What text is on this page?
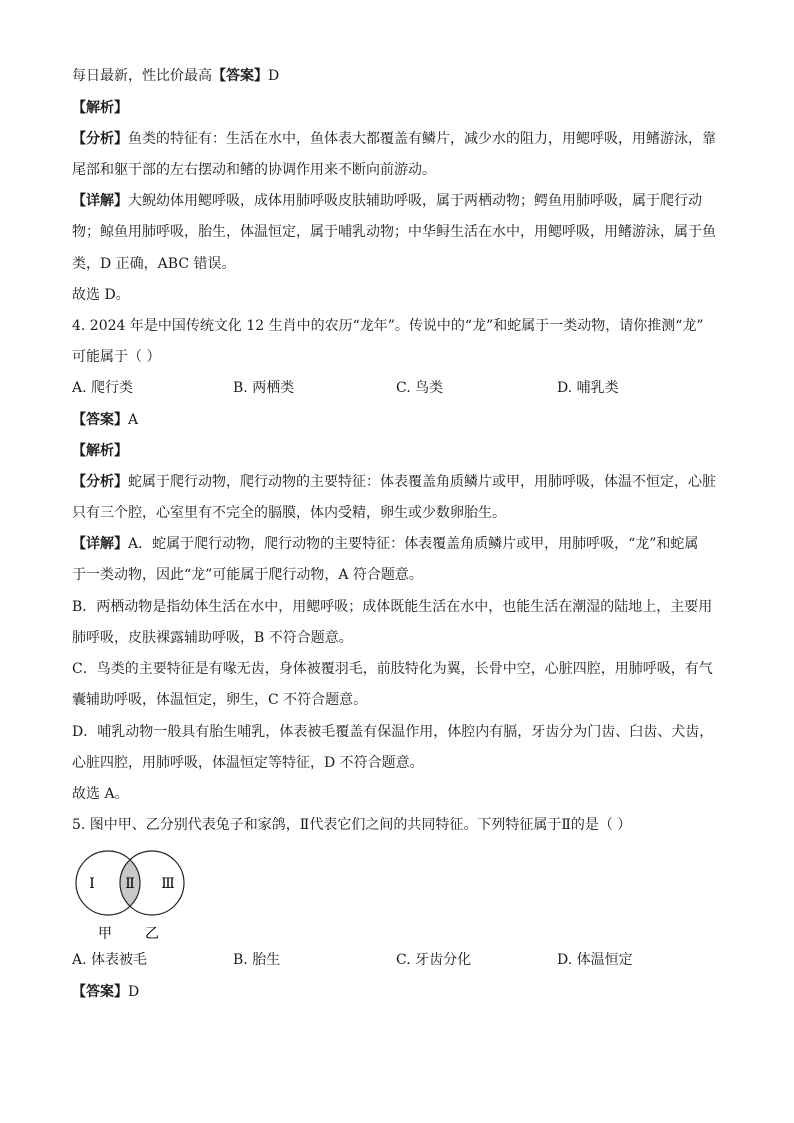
每日最新，性比价最高【答案】D
【解析】
【分析】鱼类的特征有：生活在水中，鱼体表大都覆盖有鳞片，减少水的阻力，用鳃呼吸，用鳍游泳，靠
尾部和躯干部的左右摆动和鳍的协调作用来不断向前游动。
【详解】大鲵幼体用鳃呼吸，成体用肺呼吸皮肤辅助呼吸，属于两栖动物；鳄鱼用肺呼吸，属于爬行动
物；鲸鱼用肺呼吸，胎生，体温恒定，属于哺乳动物；中华鲟生活在水中，用鳃呼吸，用鳍游泳，属于鱼
类，D 正确，ABC 错误。
故选 D。
4. 2024 年是中国传统文化 12 生肖中的农历“龙年”。传说中的“龙”和蛇属于一类动物，请你推测“龙”
可能属于（ ）
A. 爬行类	B. 两栖类	C. 鸟类	D. 哺乳类
【答案】A
【解析】
【分析】蛇属于爬行动物，爬行动物的主要特征：体表覆盖角质鳞片或甲，用肺呼吸，体温不恒定，心脏
只有三个腔，心室里有不完全的膈膜，体内受精，卵生或少数卵胎生。
【详解】A．蛇属于爬行动物，爬行动物的主要特征：体表覆盖角质鳞片或甲，用肺呼吸，“龙”和蛇属
于一类动物，因此“龙”可能属于爬行动物，A 符合题意。
B．两栖动物是指幼体生活在水中，用鳃呼吸；成体既能生活在水中，也能生活在潮湿的陆地上，主要用
肺呼吸，皮肤裸露辅助呼吸，B 不符合题意。
C．鸟类的主要特征是有喙无齿，身体被覆羽毛，前肢特化为翼，长骨中空，心脏四腔，用肺呼吸，有气
囊辅助呼吸，体温恒定，卵生，C 不符合题意。
D．哺乳动物一般具有胎生哺乳，体表被毛覆盖有保温作用，体腔内有膈，牙齿分为门齿、臼齿、犬齿，
心脏四腔，用肺呼吸，体温恒定等特征，D 不符合题意。
故选 A。
5. 图中甲、乙分别代表兔子和家鸽，Ⅱ代表它们之间的共同特征。下列特征属于Ⅱ的是（ ）
Ⅰ Ⅱ Ⅲ
甲 乙
A. 体表被毛	B. 胎生	C. 牙齿分化	D. 体温恒定
【答案】D
